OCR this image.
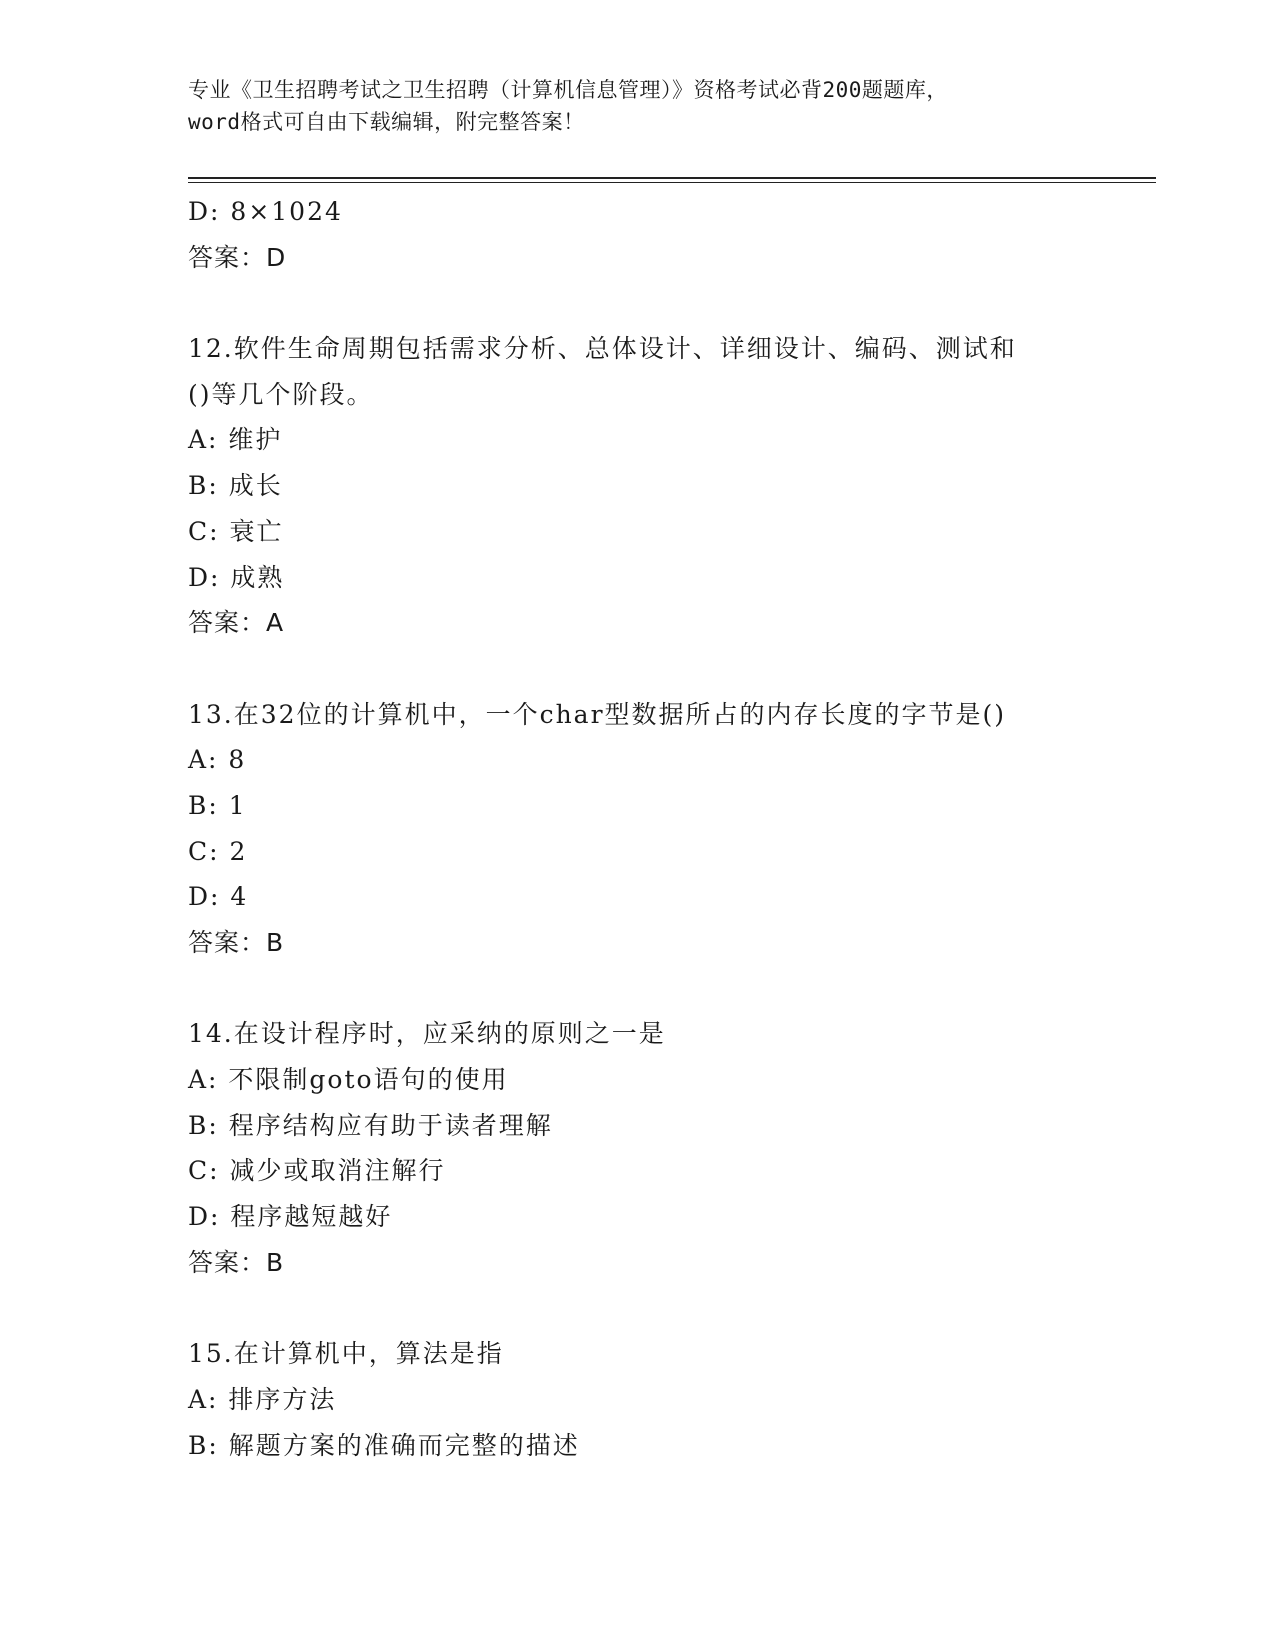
专业《卫生招聘考试之卫生招聘（计算机信息管理）》资格考试必背200题题库，
word格式可自由下载编辑，附完整答案！
D: 8×1024
答案：D
12.软件生命周期包括需求分析、总体设计、详细设计、编码、测试和
()等几个阶段。
A: 维护
B: 成长
C: 衰亡
D: 成熟
答案：A
13.在32位的计算机中，一个char型数据所占的内存长度的字节是()
A: 8
B: 1
C: 2
D: 4
答案：B
14.在设计程序时，应采纳的原则之一是
A: 不限制goto语句的使用
B: 程序结构应有助于读者理解
C: 减少或取消注解行
D: 程序越短越好
答案：B
15.在计算机中，算法是指
A: 排序方法
B: 解题方案的准确而完整的描述
